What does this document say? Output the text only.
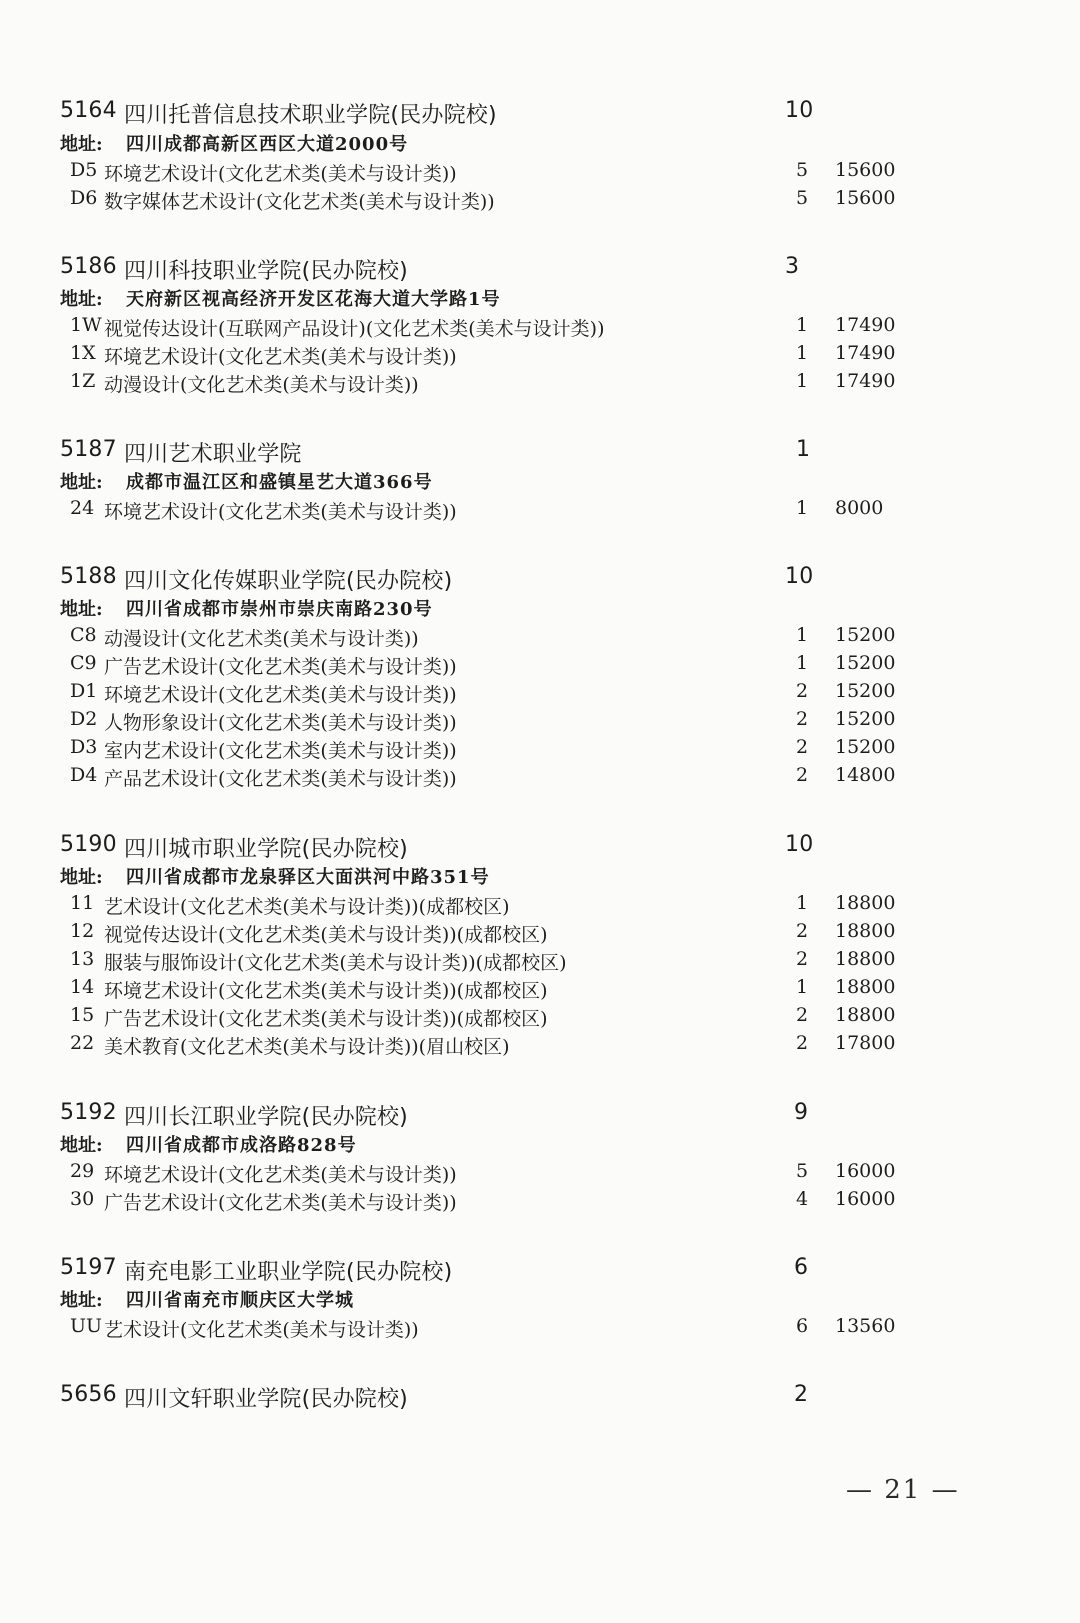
5164 四川托普信息技术职业学院(民办院校)	10
地址: 四川成都高新区西区大道2000号
D5 环境艺术设计(文化艺术类(美术与设计类))	5 15600
D6 数字媒体艺术设计(文化艺术类(美术与设计类))	5 15600
5186 四川科技职业学院(民办院校)	3
地址: 天府新区视高经济开发区花海大道大学路1号
1W 视觉传达设计(互联网产品设计)(文化艺术类(美术与设计类))	1 17490
1X 环境艺术设计(文化艺术类(美术与设计类))	1 17490
1Z 动漫设计(文化艺术类(美术与设计类))	1 17490
5187 四川艺术职业学院	1
地址: 成都市温江区和盛镇星艺大道366号
24 环境艺术设计(文化艺术类(美术与设计类))	1 8000
5188 四川文化传媒职业学院(民办院校)	10
地址: 四川省成都市崇州市崇庆南路230号
C8 动漫设计(文化艺术类(美术与设计类))	1 15200
C9 广告艺术设计(文化艺术类(美术与设计类))	1 15200
D1 环境艺术设计(文化艺术类(美术与设计类))	2 15200
D2 人物形象设计(文化艺术类(美术与设计类))	2 15200
D3 室内艺术设计(文化艺术类(美术与设计类))	2 15200
D4 产品艺术设计(文化艺术类(美术与设计类))	2 14800
5190 四川城市职业学院(民办院校)	10
地址: 四川省成都市龙泉驿区大面洪河中路351号
11 艺术设计(文化艺术类(美术与设计类))(成都校区)	1 18800
12 视觉传达设计(文化艺术类(美术与设计类))(成都校区)	2 18800
13 服装与服饰设计(文化艺术类(美术与设计类))(成都校区)	2 18800
14 环境艺术设计(文化艺术类(美术与设计类))(成都校区)	1 18800
15 广告艺术设计(文化艺术类(美术与设计类))(成都校区)	2 18800
22 美术教育(文化艺术类(美术与设计类))(眉山校区)	2 17800
5192 四川长江职业学院(民办院校)	9
地址: 四川省成都市成洛路828号
29 环境艺术设计(文化艺术类(美术与设计类))	5 16000
30 广告艺术设计(文化艺术类(美术与设计类))	4 16000
5197 南充电影工业职业学院(民办院校)	6
地址: 四川省南充市顺庆区大学城
UU 艺术设计(文化艺术类(美术与设计类))	6 13560
5656 四川文轩职业学院(民办院校)	2
— 21 —
